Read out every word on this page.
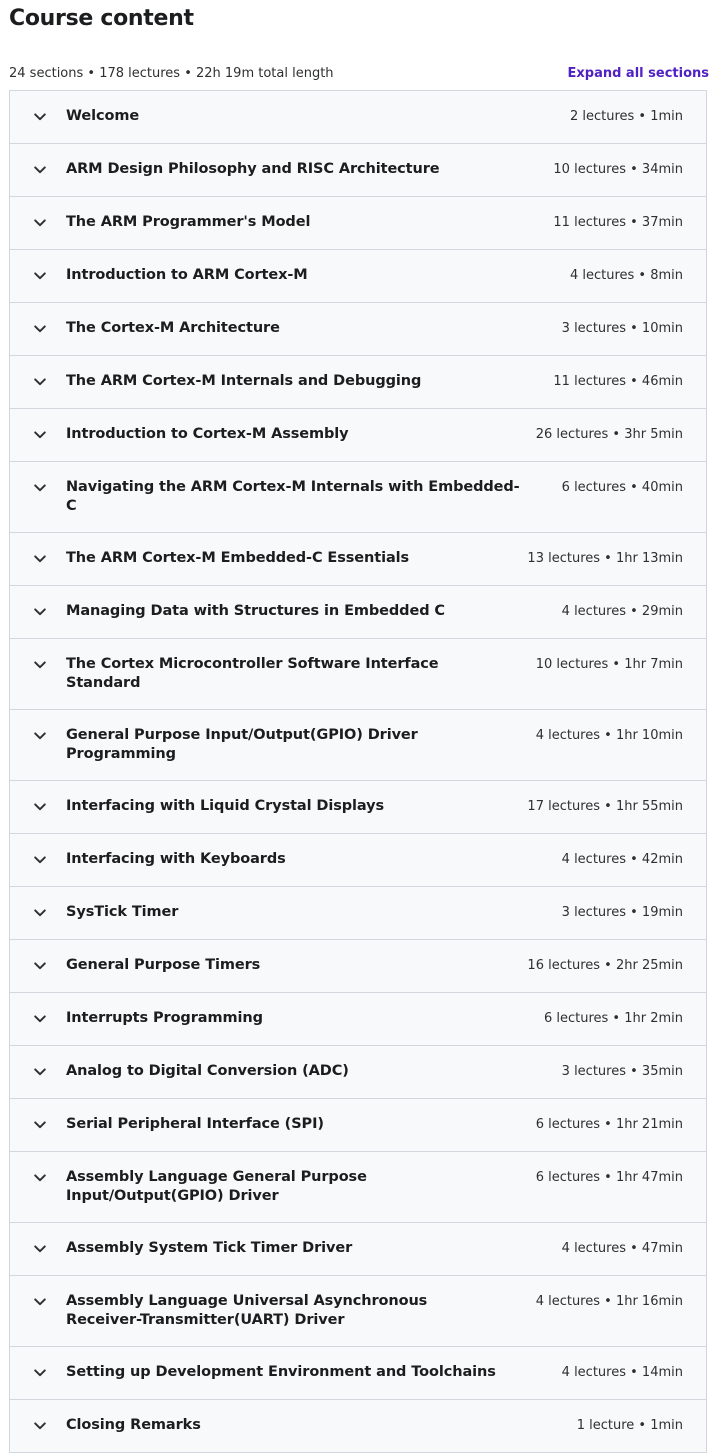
Course content
24 sections • 178 lectures • 22h 19m total length	Expand all sections
Welcome	2 lectures • 1min
ARM Design Philosophy and RISC Architecture	10 lectures • 34min
The ARM Programmer's Model	11 lectures • 37min
Introduction to ARM Cortex-M	4 lectures • 8min
The Cortex-M Architecture	3 lectures • 10min
The ARM Cortex-M Internals and Debugging	11 lectures • 46min
Introduction to Cortex-M Assembly	26 lectures • 3hr 5min
Navigating the ARM Cortex-M Internals with Embedded-C
6 lectures • 40min
The ARM Cortex-M Embedded-C Essentials	13 lectures • 1hr 13min
Managing Data with Structures in Embedded C	4 lectures • 29min
The Cortex Microcontroller Software Interface Standard
10 lectures • 1hr 7min
General Purpose Input/Output(GPIO) Driver Programming
4 lectures • 1hr 10min
Interfacing with Liquid Crystal Displays	17 lectures • 1hr 55min
Interfacing with Keyboards	4 lectures • 42min
SysTick Timer	3 lectures • 19min
General Purpose Timers	16 lectures • 2hr 25min
Interrupts Programming	6 lectures • 1hr 2min
Analog to Digital Conversion (ADC)	3 lectures • 35min
Serial Peripheral Interface (SPI)	6 lectures • 1hr 21min
Assembly Language General Purpose Input/Output(GPIO) Driver
6 lectures • 1hr 47min
Assembly System Tick Timer Driver	4 lectures • 47min
Assembly Language Universal Asynchronous Receiver-Transmitter(UART) Driver
4 lectures • 1hr 16min
Setting up Development Environment and Toolchains	4 lectures • 14min
Closing Remarks	1 lecture • 1min
